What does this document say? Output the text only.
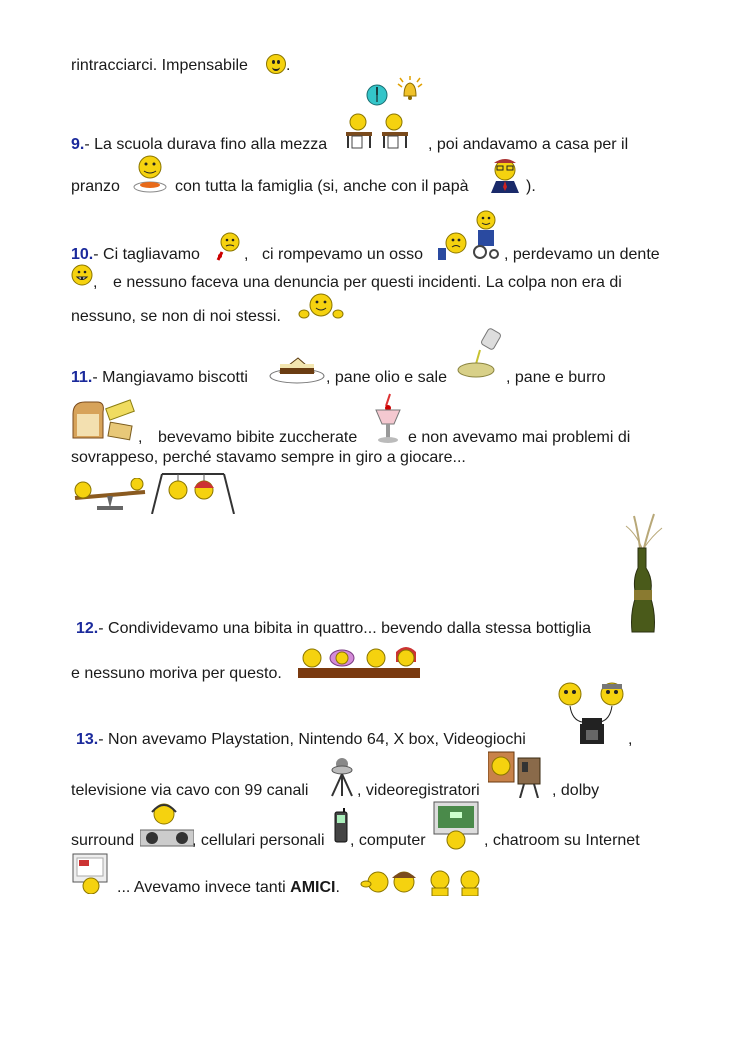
rintracciarci. Impensabile .
9.- La scuola durava fino alla mezza	, poi andavamo a casa per il
pranzo	con tutta la famiglia (si, anche con il papà	).
10.- Ci tagliavamo	, ci rompevamo un osso	, perdevamo un dente
, e nessuno faceva una denuncia per questi incidenti. La colpa non era di
nessuno, se non di noi stessi.
11.- Mangiavamo biscotti	, pane olio e sale	, pane e burro
, bevevamo bibite zuccherate	e non avevamo mai problemi di
sovrappeso, perché stavamo sempre in giro a giocare...
12.- Condividevamo una bibita in quattro... bevendo dalla stessa bottiglia
e nessuno moriva per questo.
13.- Non avevamo Playstation, Nintendo 64, X box, Videogiochi	,
televisione via cavo con 99 canali	, videoregistratori	, dolby
surround	, cellulari personali , computer	, chatroom su Internet
... Avevamo invece tanti AMICI.
